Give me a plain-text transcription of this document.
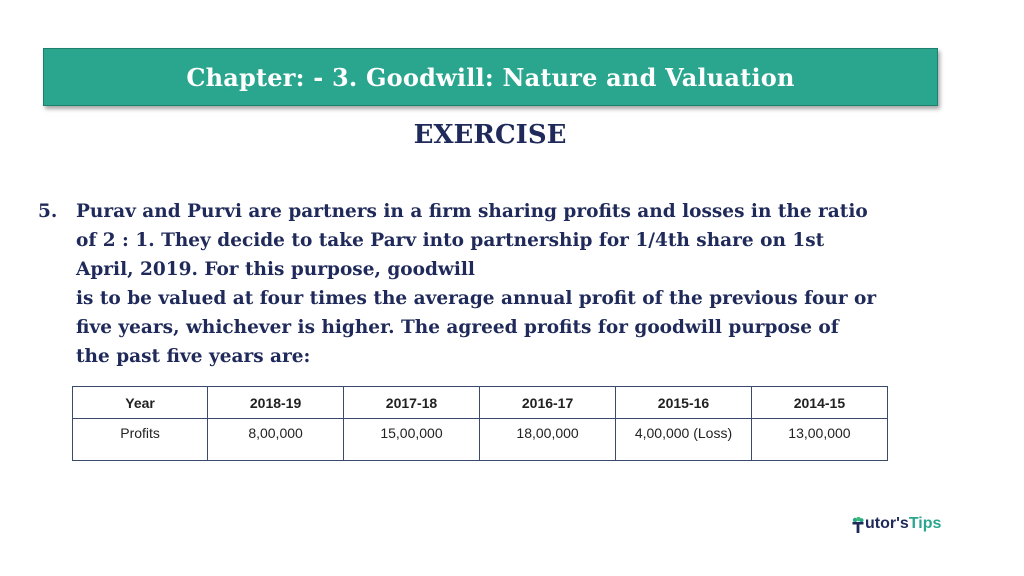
Chapter: - 3. Goodwill: Nature and Valuation
EXERCISE
5. Purav and Purvi are partners in a firm sharing profits and losses in the ratio
of 2 : 1. They decide to take Parv into partnership for 1/4th share on 1st
April, 2019. For this purpose, goodwill
is to be valued at four times the average annual profit of the previous four or
five years, whichever is higher. The agreed profits for goodwill purpose of
the past five years are:
Year	2018-19	2017-18	2016-17	2015-16	2014-15
Profits	8,00,000	15,00,000	18,00,000	4,00,000 (Loss)	13,00,000
utor's Tips
